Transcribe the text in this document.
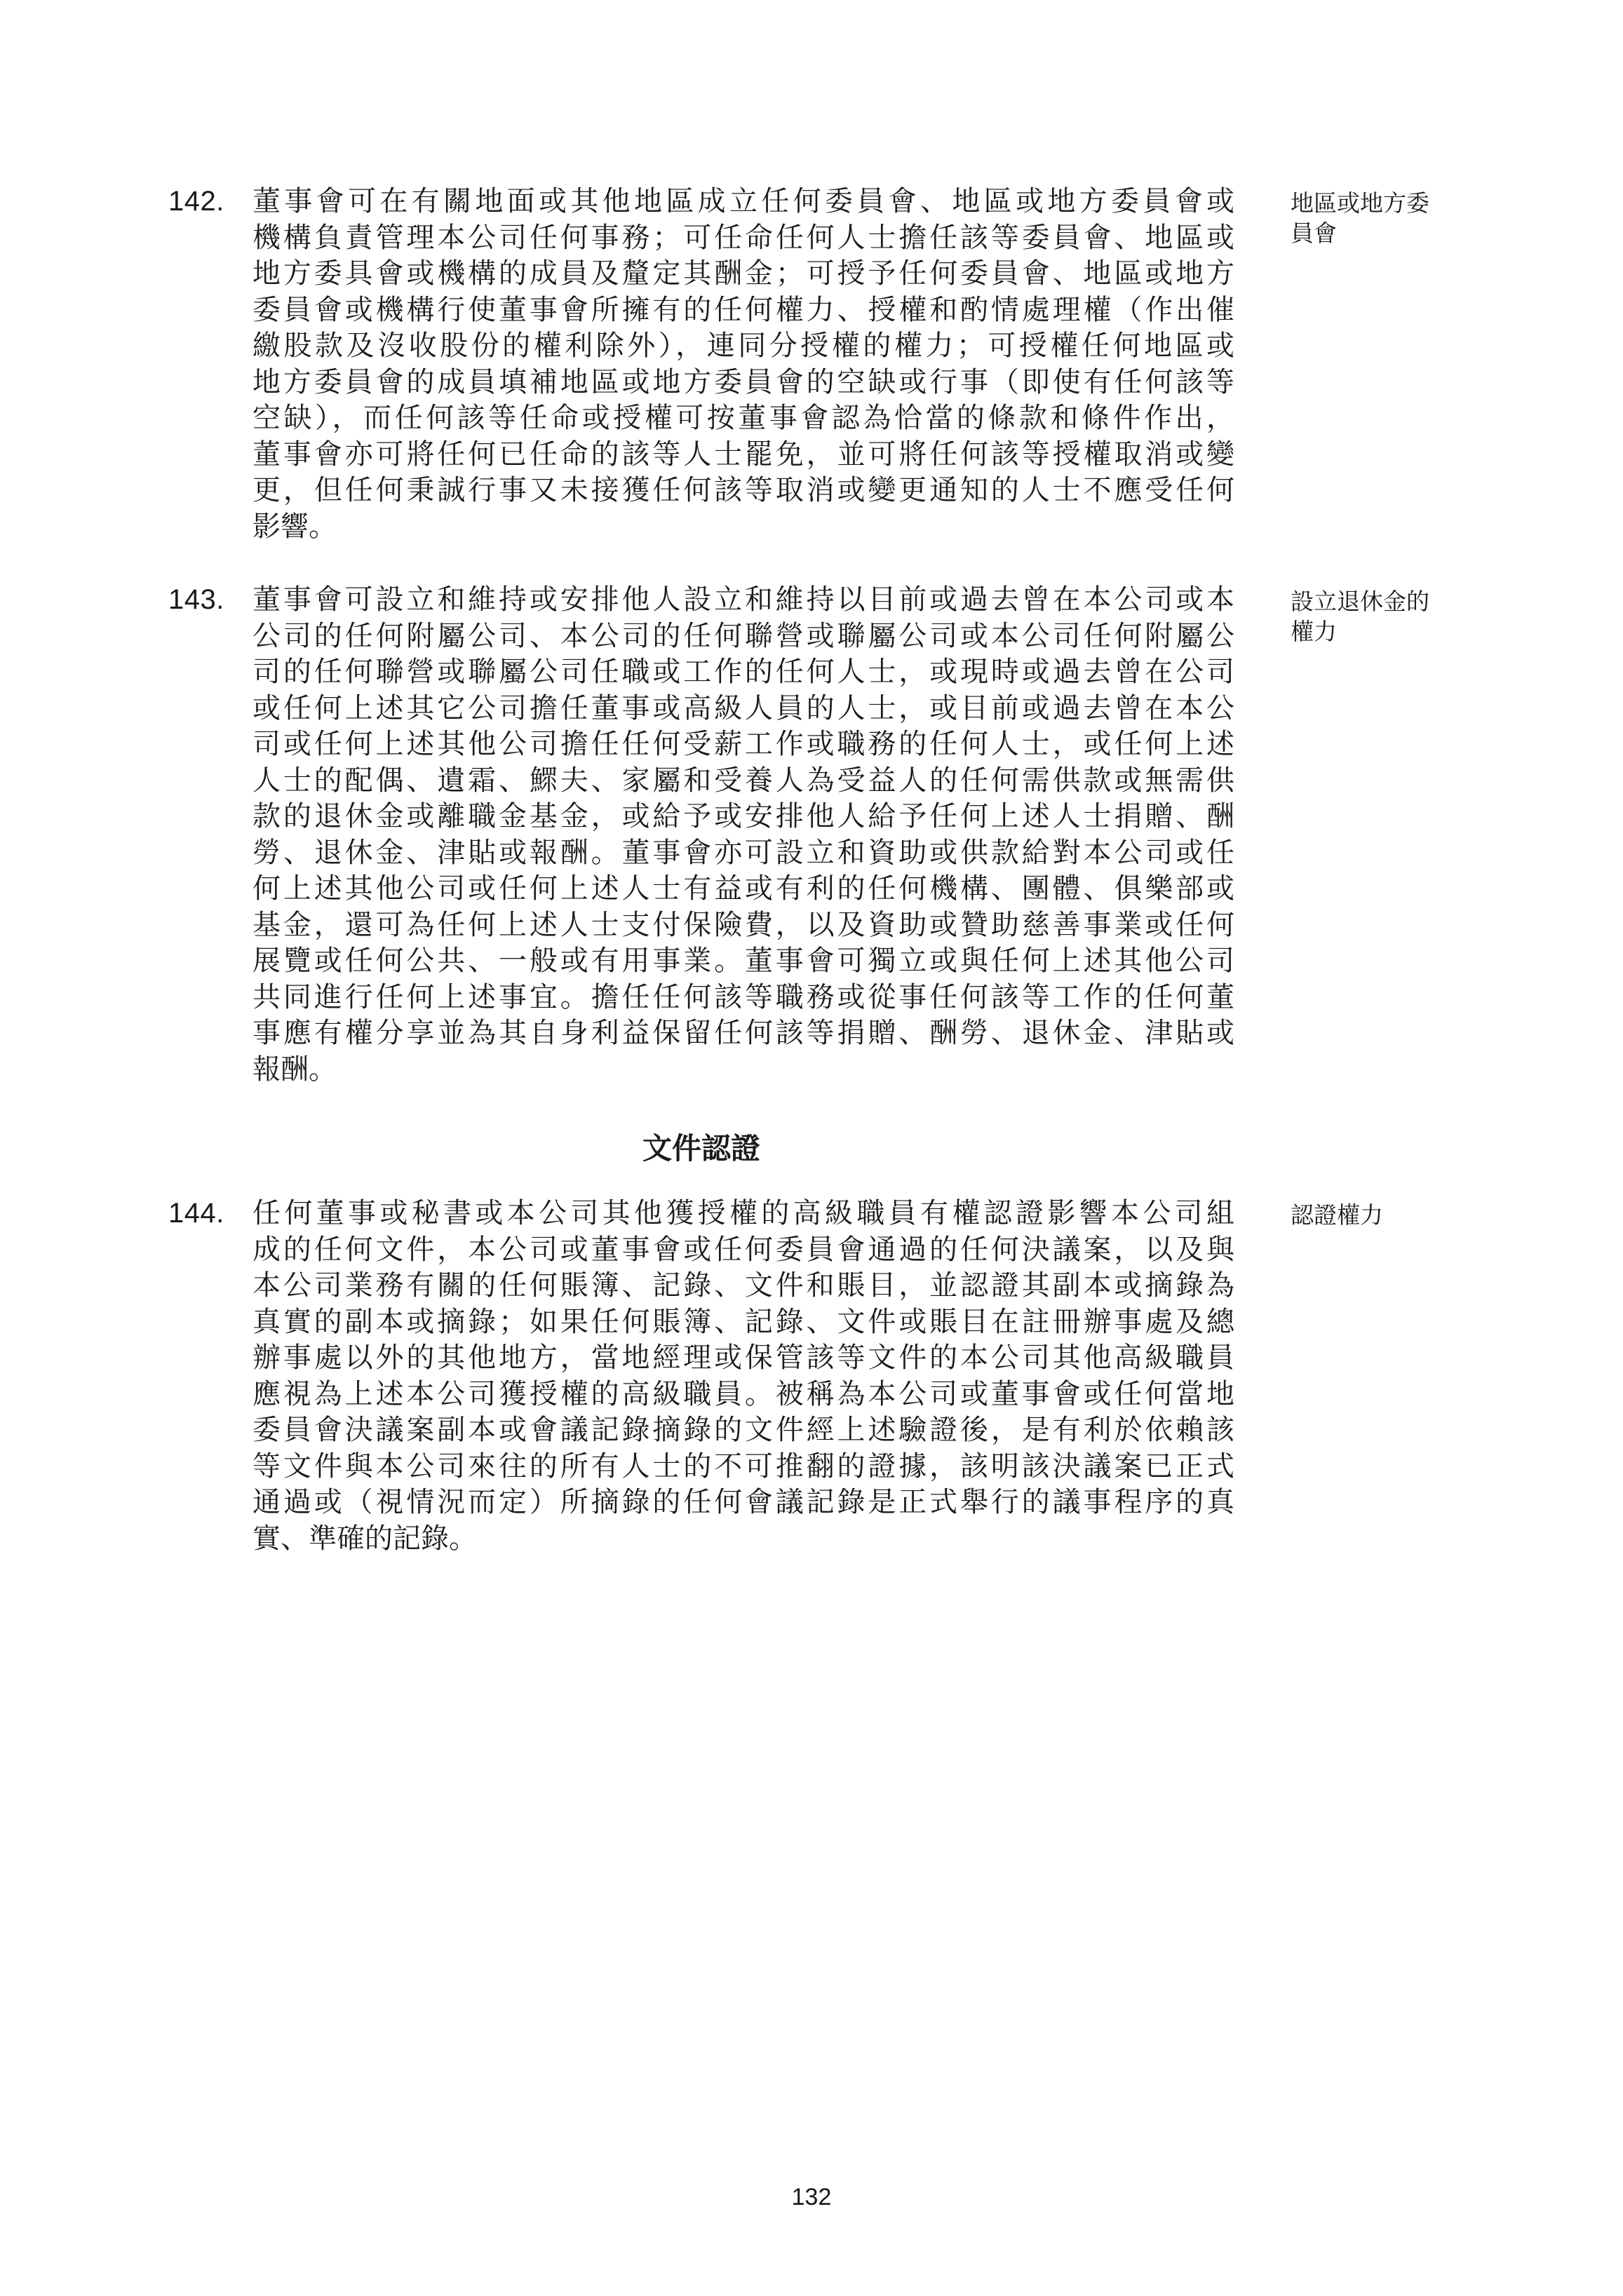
142. 董事會可在有關地面或其他地區成立任何委員會、地區或地方委員會或
機構負責管理本公司任何事務；可任命任何人士擔任該等委員會、地區或
地方委具會或機構的成員及釐定其酬金；可授予任何委員會、地區或地方
委員會或機構行使董事會所擁有的任何權力、授權和酌情處理權（作出催
繳股款及沒收股份的權利除外），連同分授權的權力；可授權任何地區或
地方委員會的成員填補地區或地方委員會的空缺或行事（即使有任何該等
空缺），而任何該等任命或授權可按董事會認為恰當的條款和條件作出，
董事會亦可將任何已任命的該等人士罷免，並可將任何該等授權取消或變
更，但任何秉誠行事又未接獲任何該等取消或變更通知的人士不應受任何
影響。
地區或地方委
員會
143. 董事會可設立和維持或安排他人設立和維持以目前或過去曾在本公司或本
公司的任何附屬公司、本公司的任何聯營或聯屬公司或本公司任何附屬公
司的任何聯營或聯屬公司任職或工作的任何人士，或現時或過去曾在公司
或任何上述其它公司擔任董事或高級人員的人士，或目前或過去曾在本公
司或任何上述其他公司擔任任何受薪工作或職務的任何人士，或任何上述
人士的配偶、遺霜、鰥夫、家屬和受養人為受益人的任何需供款或無需供
款的退休金或離職金基金，或給予或安排他人給予任何上述人士捐贈、酬
勞、退休金、津貼或報酬。董事會亦可設立和資助或供款給對本公司或任
何上述其他公司或任何上述人士有益或有利的任何機構、團體、俱樂部或
基金，還可為任何上述人士支付保險費，以及資助或贊助慈善事業或任何
展覽或任何公共、一般或有用事業。董事會可獨立或與任何上述其他公司
共同進行任何上述事宜。擔任任何該等職務或從事任何該等工作的任何董
事應有權分享並為其自身利益保留任何該等捐贈、酬勞、退休金、津貼或
報酬。
設立退休金的
權力
文件認證
144. 任何董事或秘書或本公司其他獲授權的高級職員有權認證影響本公司組
成的任何文件，本公司或董事會或任何委員會通過的任何決議案，以及與
本公司業務有關的任何賬簿、記錄、文件和賬目，並認證其副本或摘錄為
真實的副本或摘錄；如果任何賬簿、記錄、文件或賬目在註冊辦事處及總
辦事處以外的其他地方，當地經理或保管該等文件的本公司其他高級職員
應視為上述本公司獲授權的高級職員。被稱為本公司或董事會或任何當地
委員會決議案副本或會議記錄摘錄的文件經上述驗證後，是有利於依賴該
等文件與本公司來往的所有人士的不可推翻的證據，該明該決議案已正式
通過或（視情況而定）所摘錄的任何會議記錄是正式舉行的議事程序的真
實、準確的記錄。
認證權力
132
